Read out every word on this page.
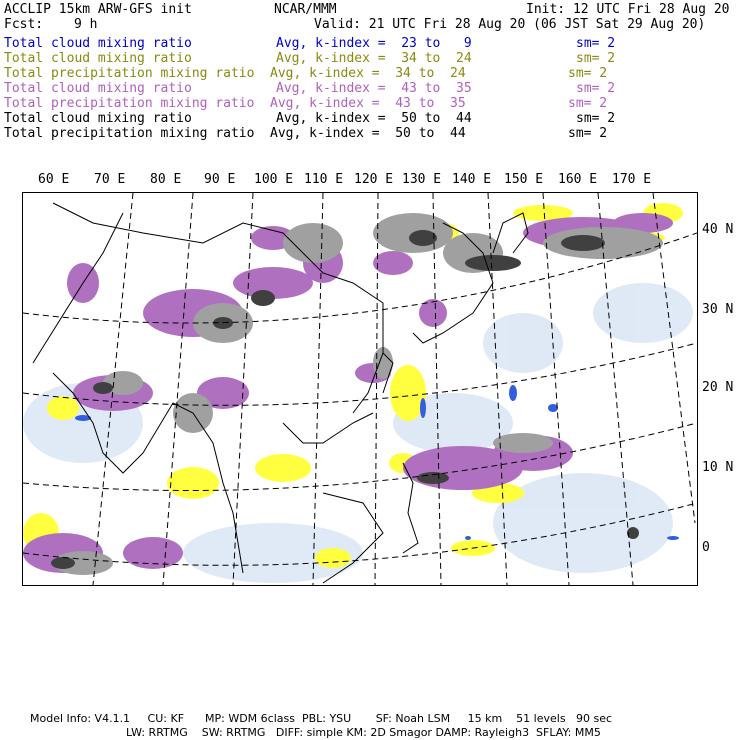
ACCLIP 15km ARW-GFS init	NCAR/MMM	Init: 12 UTC Fri 28 Aug 20
Fcst: 9 h	Valid: 21 UTC Fri 28 Aug 20 (06 JST Sat 29 Aug 20)
Total cloud mixing ratio	Avg, k-index =  23 to   9	sm= 2
Total cloud mixing ratio	Avg, k-index =  34 to  24	sm= 2
Total precipitation mixing ratio Avg, k-index =  34 to  24	sm= 2
Total cloud mixing ratio	Avg, k-index =  43 to  35	sm= 2
Total precipitation mixing ratio Avg, k-index =  43 to  35	sm= 2
Total cloud mixing ratio	Avg, k-index =  50 to  44	sm= 2
Total precipitation mixing ratio Avg, k-index =  50 to  44	sm= 2
60 E 70 E 80 E 90 E 100 E 110 E 120 E 130 E 140 E 150 E 160 E 170 E
40 N
30 N
20 N
10 N
0
Model Info: V4.1.1     CU: KF      MP: WDM 6class  PBL: YSU       SF: Noah LSM     15 km    51 levels   90 sec
LW: RRTMG    SW: RRTMG   DIFF: simple KM: 2D Smagor DAMP: Rayleigh3  SFLAY: MM5
